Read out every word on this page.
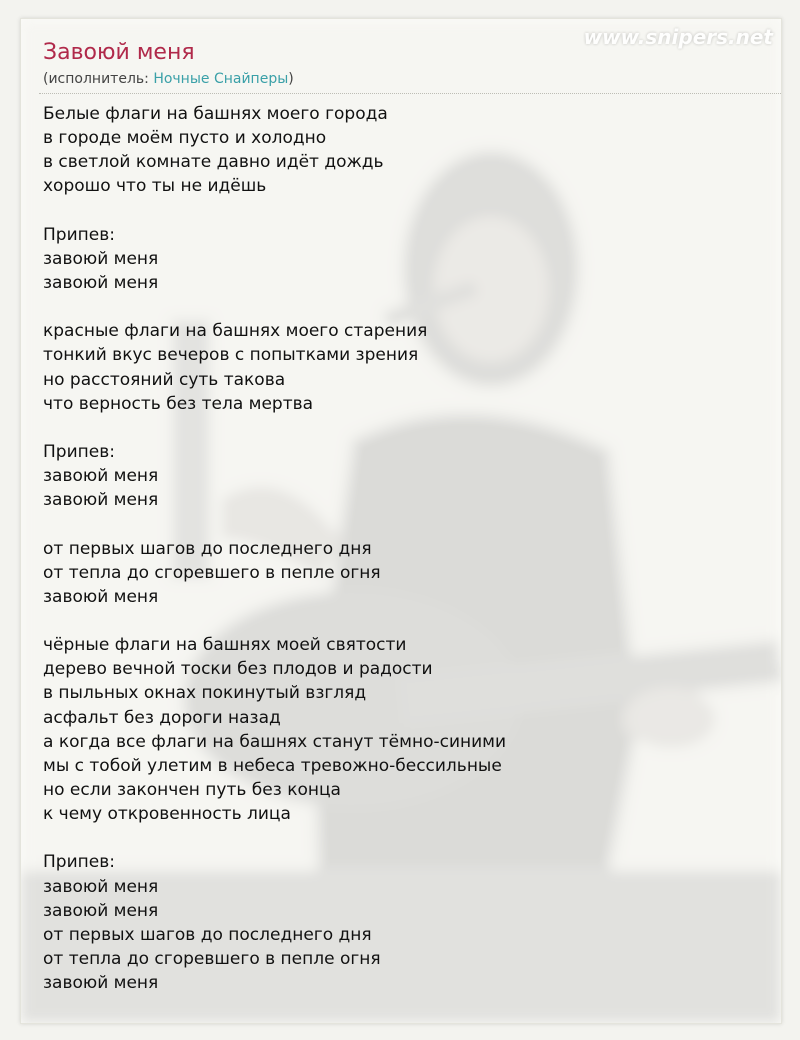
www.snipers.net
Завоюй меня
(исполнитель: Ночные Снайперы)
Белые флаги на башнях моего города
в городе моём пусто и холодно
в светлой комнате давно идёт дождь
хорошо что ты не идёшь
Припев:
завоюй меня
завоюй меня
красные флаги на башнях моего старения
тонкий вкус вечеров с попытками зрения
но расстояний суть такова
что верность без тела мертва
Припев:
завоюй меня
завоюй меня
от первых шагов до последнего дня
от тепла до сгоревшего в пепле огня
завоюй меня
чёрные флаги на башнях моей святости
дерево вечной тоски без плодов и радости
в пыльных окнах покинутый взгляд
асфальт без дороги назад
а когда все флаги на башнях станут тёмно-синими
мы с тобой улетим в небеса тревожно-бессильные
но если закончен путь без конца
к чему откровенность лица
Припев:
завоюй меня
завоюй меня
от первых шагов до последнего дня
от тепла до сгоревшего в пепле огня
завоюй меня
